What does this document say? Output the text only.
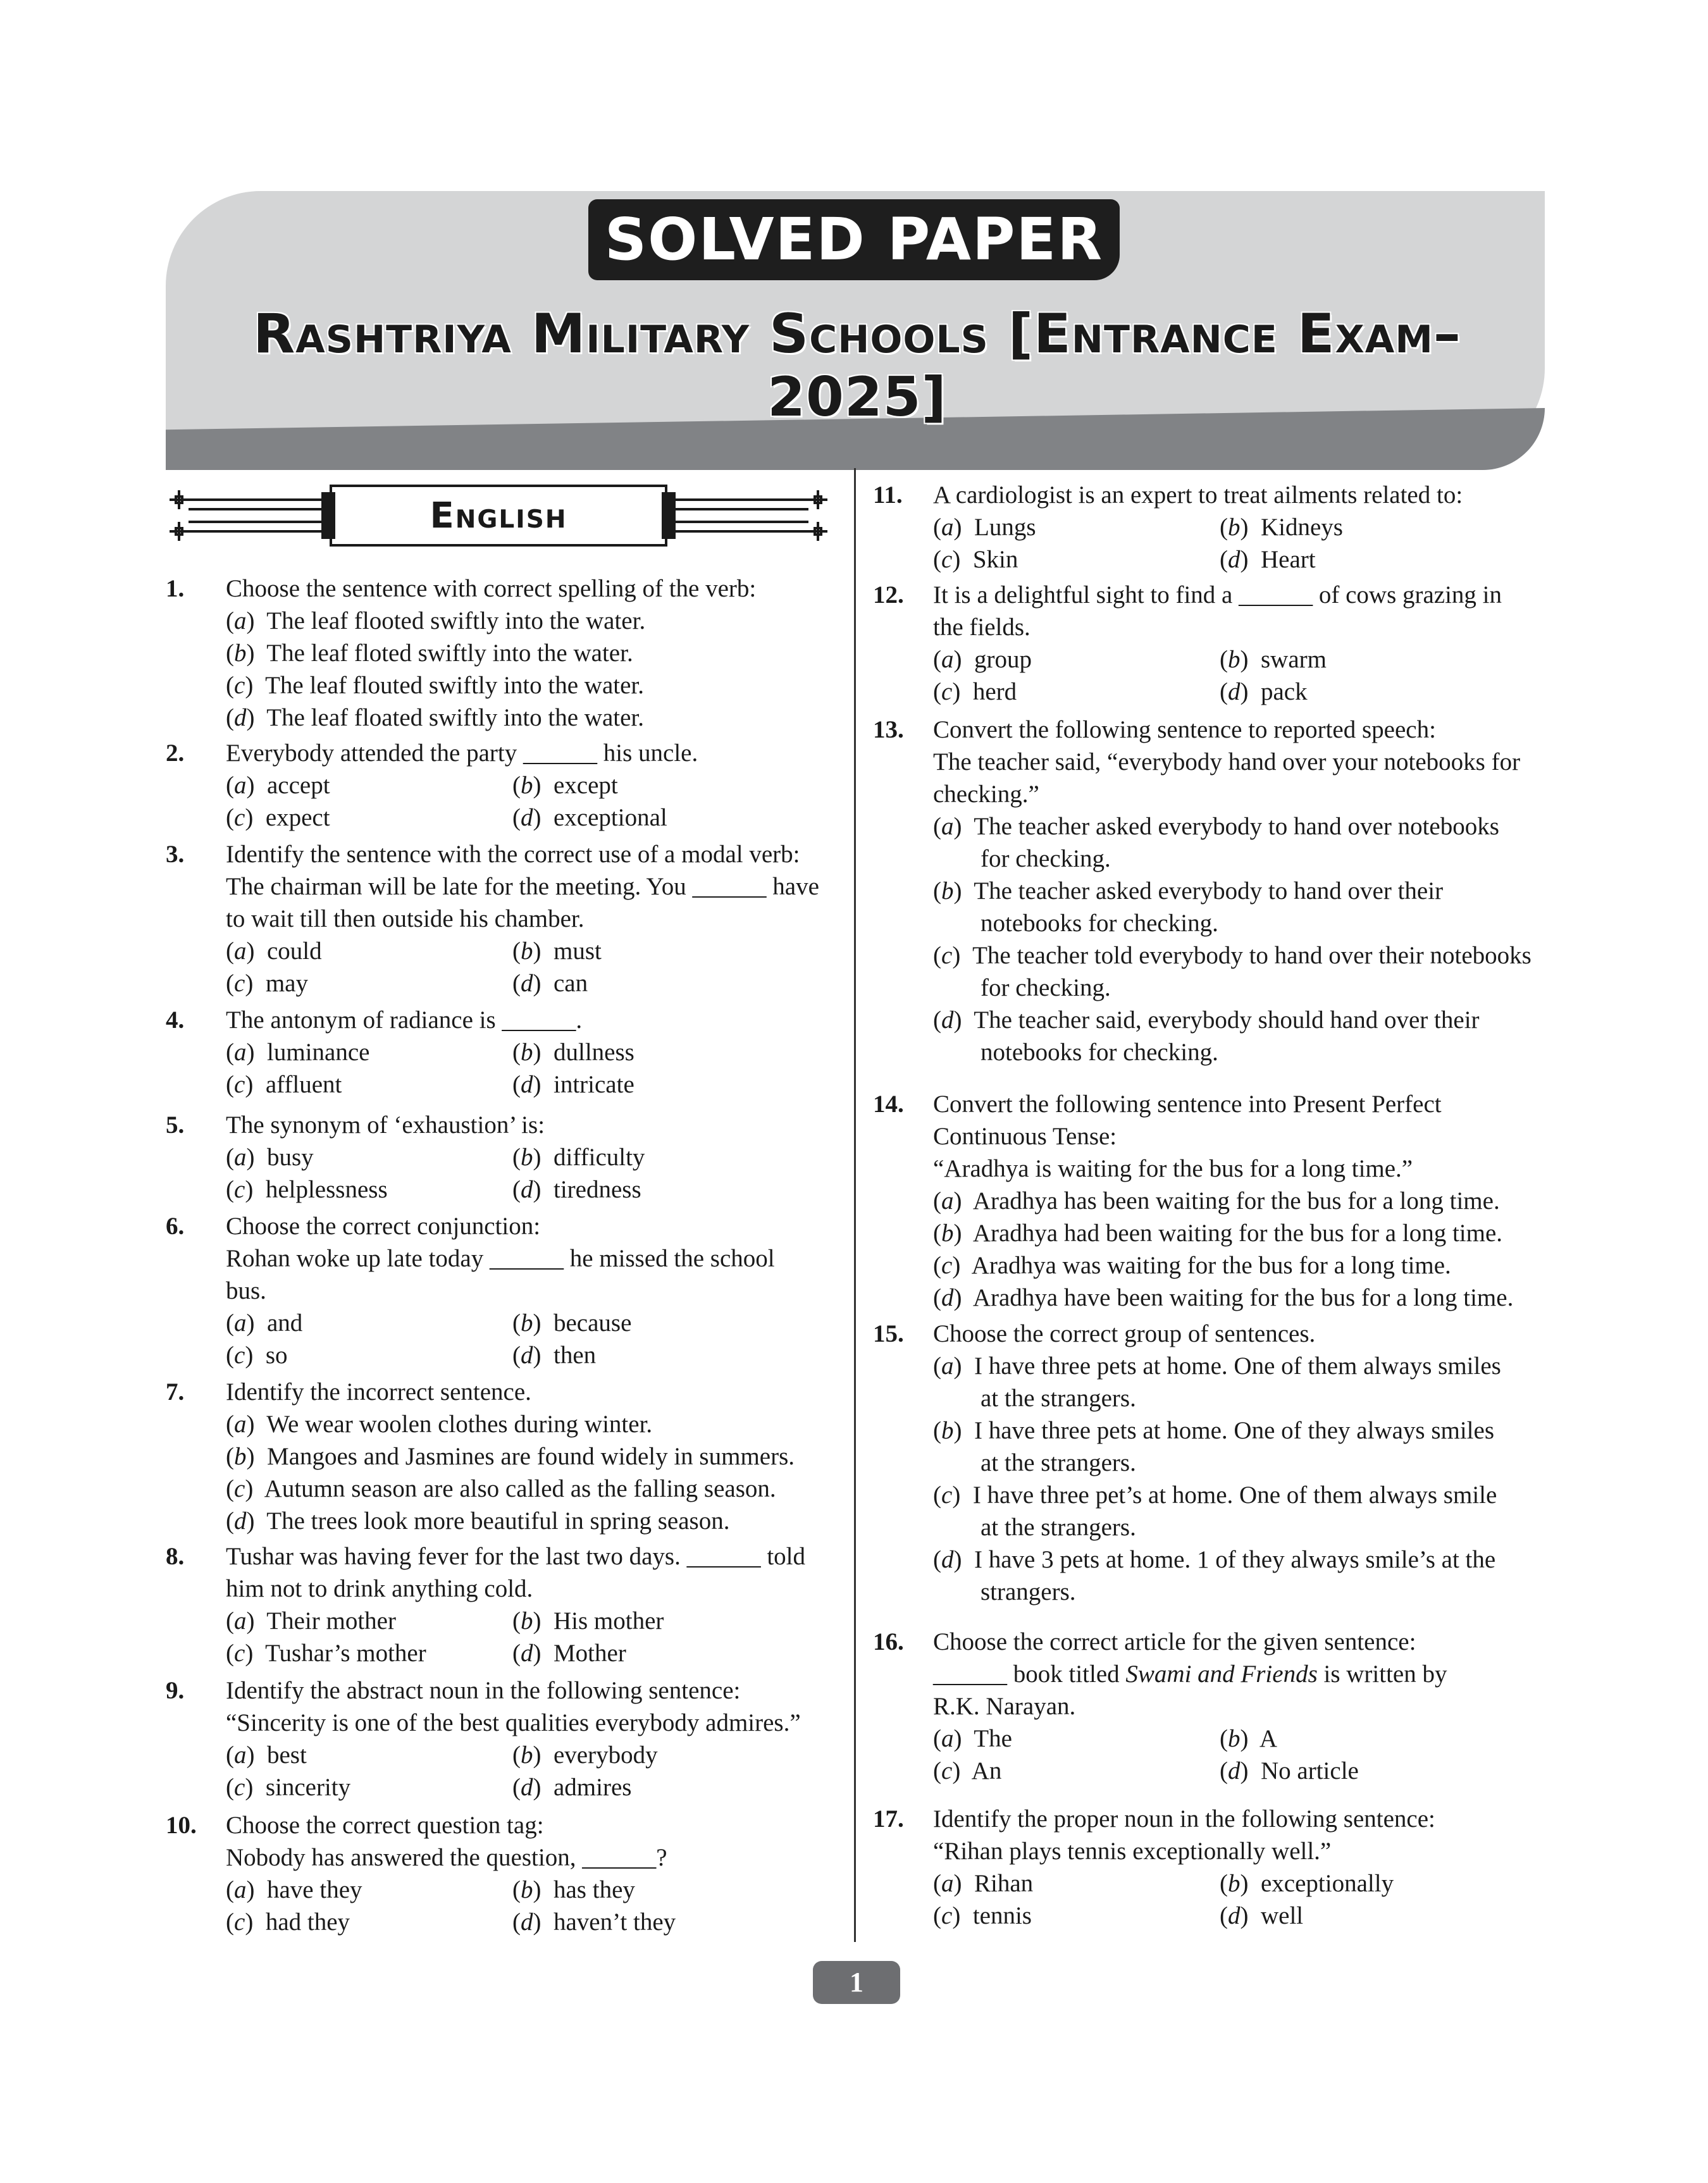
SOLVED PAPER
Rashtriya Military Schools [Entrance Exam–2025]
English
1. Choose the sentence with correct spelling of the verb:
(a)  The leaf flooted swiftly into the water.
(b)  The leaf floted swiftly into the water.
(c)  The leaf flouted swiftly into the water.
(d)  The leaf floated swiftly into the water.
2. Everybody attended the party ______ his uncle.
(a)  accept	(b)  except
(c)  expect	(d)  exceptional
3. Identify the sentence with the correct use of a modal verb:
The chairman will be late for the meeting. You ______ have
to wait till then outside his chamber.
(a)  could	(b)  must
(c)  may	(d)  can
4. The antonym of radiance is ______.
(a)  luminance	(b)  dullness
(c)  affluent	(d)  intricate
5. The synonym of ‘exhaustion’ is:
(a)  busy	(b)  difficulty
(c)  helplessness	(d)  tiredness
6. Choose the correct conjunction:
Rohan woke up late today ______ he missed the school
bus.
(a)  and	(b)  because
(c)  so	(d)  then
7. Identify the incorrect sentence.
(a)  We wear woolen clothes during winter.
(b)  Mangoes and Jasmines are found widely in summers.
(c)  Autumn season are also called as the falling season.
(d)  The trees look more beautiful in spring season.
8. Tushar was having fever for the last two days. ______ told
him not to drink anything cold.
(a)  Their mother	(b)  His mother
(c)  Tushar’s mother	(d)  Mother
9. Identify the abstract noun in the following sentence:
“Sincerity is one of the best qualities everybody admires.”
(a)  best	(b)  everybody
(c)  sincerity	(d)  admires
10. Choose the correct question tag:
Nobody has answered the question, ______?
(a)  have they	(b)  has they
(c)  had they	(d)  haven’t they
11. A cardiologist is an expert to treat ailments related to:
(a)  Lungs	(b)  Kidneys
(c)  Skin	(d)  Heart
12. It is a delightful sight to find a ______ of cows grazing in
the fields.
(a)  group	(b)  swarm
(c)  herd	(d)  pack
13. Convert the following sentence to reported speech:
The teacher said, “everybody hand over your notebooks for
checking.”
(a)  The teacher asked everybody to hand over notebooks
for checking.
(b)  The teacher asked everybody to hand over their
notebooks for checking.
(c)  The teacher told everybody to hand over their notebooks
for checking.
(d)  The teacher said, everybody should hand over their
notebooks for checking.
14. Convert the following sentence into Present Perfect
Continuous Tense:
“Aradhya is waiting for the bus for a long time.”
(a)  Aradhya has been waiting for the bus for a long time.
(b)  Aradhya had been waiting for the bus for a long time.
(c)  Aradhya was waiting for the bus for a long time.
(d)  Aradhya have been waiting for the bus for a long time.
15. Choose the correct group of sentences.
(a)  I have three pets at home. One of them always smiles
at the strangers.
(b)  I have three pets at home. One of they always smiles
at the strangers.
(c)  I have three pet’s at home. One of them always smile
at the strangers.
(d)  I have 3 pets at home. 1 of they always smile’s at the
strangers.
16. Choose the correct article for the given sentence:
______ book titled Swami and Friends is written by
R.K. Narayan.
(a)  The	(b)  A
(c)  An	(d)  No article
17. Identify the proper noun in the following sentence:
“Rihan plays tennis exceptionally well.”
(a)  Rihan	(b)  exceptionally
(c)  tennis	(d)  well
1
